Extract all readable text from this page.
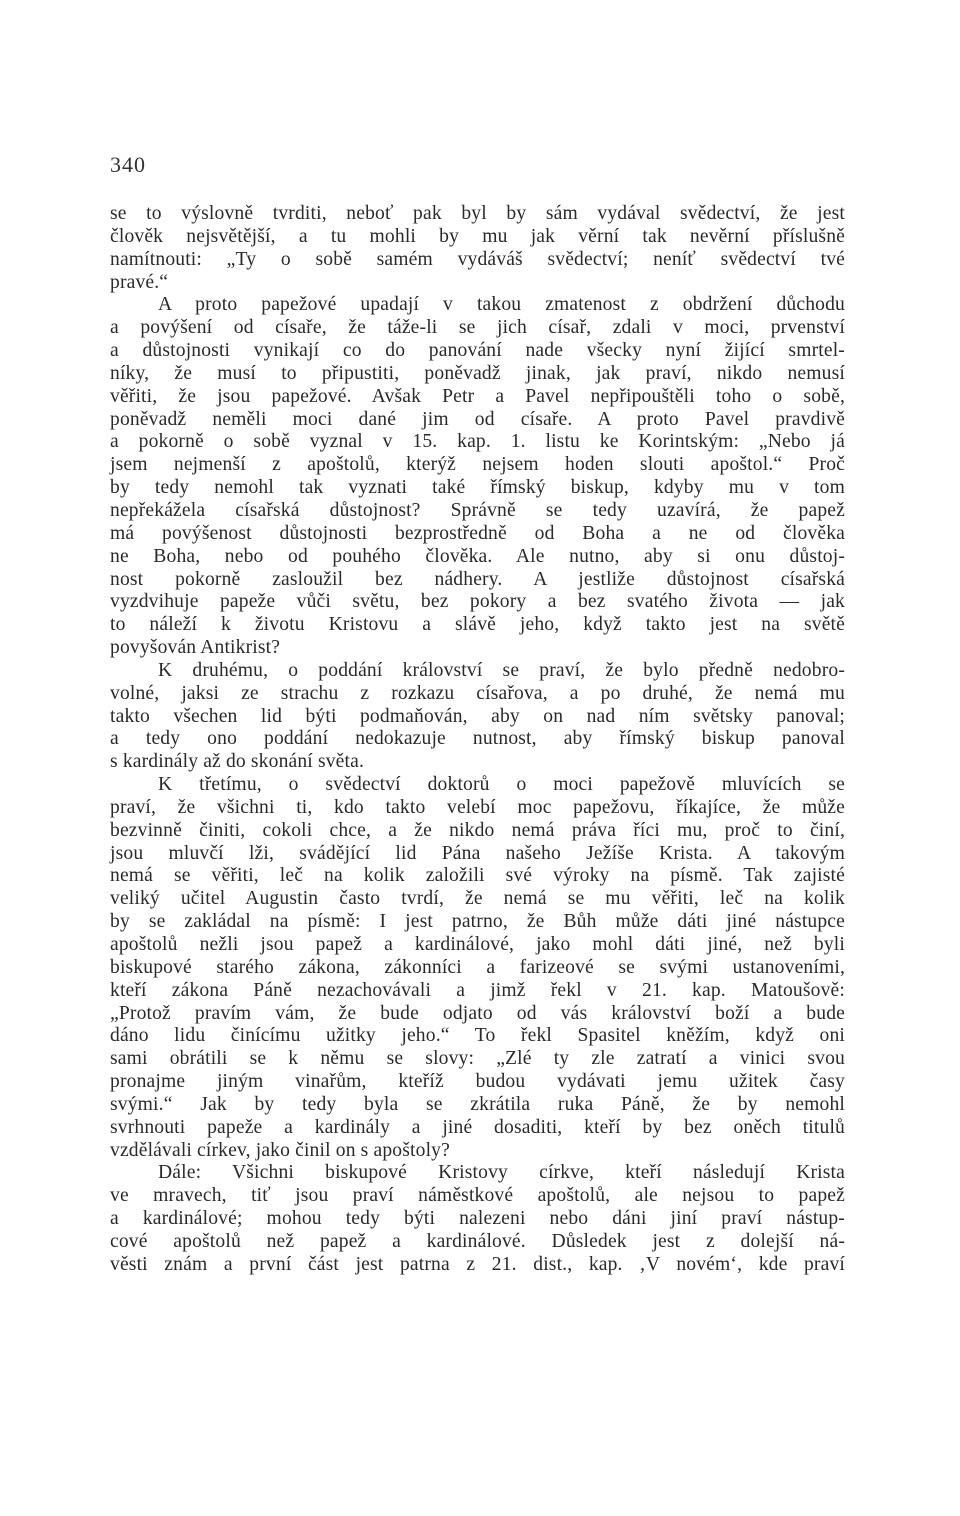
340
se to výslovně tvrditi, neboť pak byl by sám vydával svědectví, že jest
člověk nejsvětější, a tu mohli by mu jak věrní tak nevěrní příslušně
namítnouti: „Ty o sobě samém vydáváš svědectví; neníť svědectví tvé
pravé.“
A proto papežové upadají v takou zmatenost z obdržení důchodu
a povýšení od císaře, že táže-li se jich císař, zdali v moci, prvenství
a důstojnosti vynikají co do panování nade všecky nyní žijící smrtel-
níky, že musí to připustiti, poněvadž jinak, jak praví, nikdo nemusí
věřiti, že jsou papežové. Avšak Petr a Pavel nepřipouštěli toho o sobě,
poněvadž neměli moci dané jim od císaře. A proto Pavel pravdivě
a pokorně o sobě vyznal v 15. kap. 1. listu ke Korintským: „Nebo já
jsem nejmenší z apoštolů, kterýž nejsem hoden slouti apoštol.“ Proč
by tedy nemohl tak vyznati také římský biskup, kdyby mu v tom
nepřekážela císařská důstojnost? Správně se tedy uzavírá, že papež
má povýšenost důstojnosti bezprostředně od Boha a ne od člověka
ne Boha, nebo od pouhého člověka. Ale nutno, aby si onu důstoj-
nost pokorně zasloužil bez nádhery. A jestliže důstojnost císařská
vyzdvihuje papeže vůči světu, bez pokory a bez svatého života — jak
to náleží k životu Kristovu a slávě jeho, když takto jest na světě
povyšován Antikrist?
K druhému, o poddání království se praví, že bylo předně nedobro-
volné, jaksi ze strachu z rozkazu císařova, a po druhé, že nemá mu
takto všechen lid býti podmaňován, aby on nad ním světsky panoval;
a tedy ono poddání nedokazuje nutnost, aby římský biskup panoval
s kardinály až do skonání světa.
K třetímu, o svědectví doktorů o moci papežově mluvících se
praví, že všichni ti, kdo takto velebí moc papežovu, říkajíce, že může
bezvinně činiti, cokoli chce, a že nikdo nemá práva říci mu, proč to činí,
jsou mluvčí lži, svádějící lid Pána našeho Ježíše Krista. A takovým
nemá se věřiti, leč na kolik založili své výroky na písmě. Tak zajisté
veliký učitel Augustin často tvrdí, že nemá se mu věřiti, leč na kolik
by se zakládal na písmě: I jest patrno, že Bůh může dáti jiné nástupce
apoštolů nežli jsou papež a kardinálové, jako mohl dáti jiné, než byli
biskupové starého zákona, zákonníci a farizeové se svými ustanoveními,
kteří zákona Páně nezachovávali a jimž řekl v 21. kap. Matoušově:
„Protož pravím vám, že bude odjato od vás království boží a bude
dáno lidu činícímu užitky jeho.“ To řekl Spasitel kněžím, když oni
sami obrátili se k němu se slovy: „Zlé ty zle zatratí a vinici svou
pronajme jiným vinařům, kteříž budou vydávati jemu užitek časy
svými.“ Jak by tedy byla se zkrátila ruka Páně, že by nemohl
svrhnouti papeže a kardinály a jiné dosaditi, kteří by bez oněch titulů
vzdělávali církev, jako činil on s apoštoly?
Dále: Všichni biskupové Kristovy církve, kteří následují Krista
ve mravech, tiť jsou praví náměstkové apoštolů, ale nejsou to papež
a kardinálové; mohou tedy býti nalezeni nebo dáni jiní praví nástup-
cové apoštolů než papež a kardinálové. Důsledek jest z dolejší ná-
věsti znám a první část jest patrna z 21. dist., kap. ‚V novém‘, kde praví
